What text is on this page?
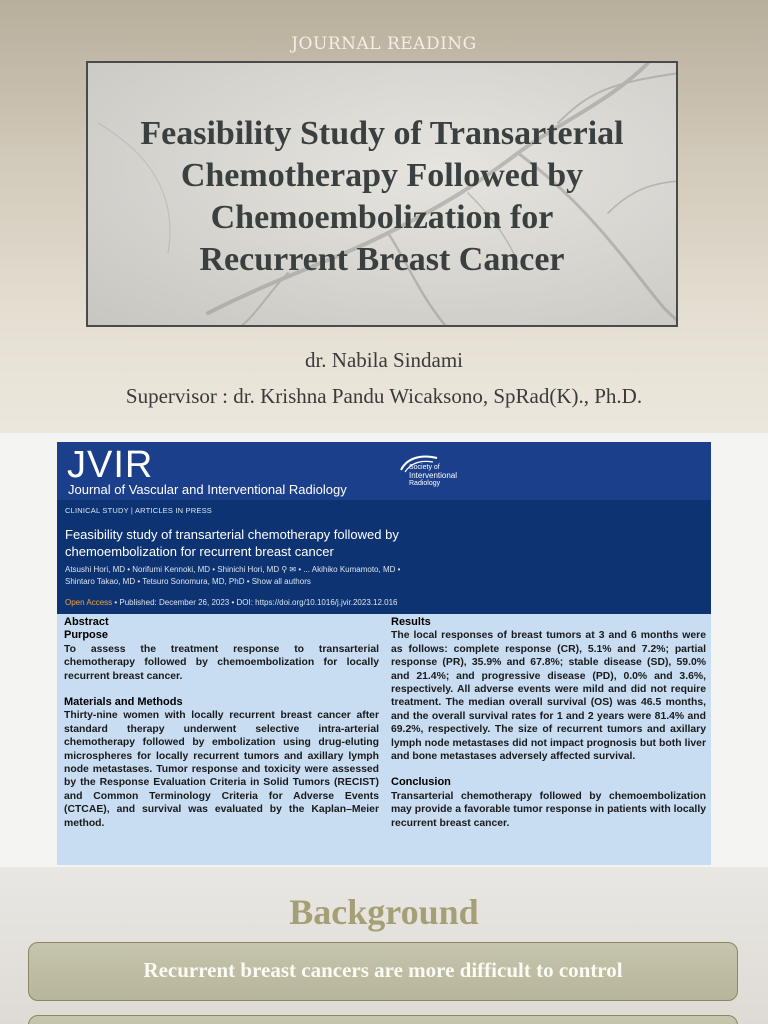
JOURNAL READING
Feasibility Study of Transarterial
Chemotherapy Followed by
Chemoembolization for
Recurrent Breast Cancer
dr. Nabila Sindami
Supervisor : dr. Krishna Pandu Wicaksono, SpRad(K)., Ph.D.
JVIR
Journal of Vascular and Interventional Radiology
Society of
Interventional
Radiology
CLINICAL STUDY | ARTICLES IN PRESS
Feasibility study of transarterial chemotherapy followed by
chemoembolization for recurrent breast cancer
Atsushi Hori, MD • Norifumi Kennoki, MD • Shinichi Hori, MD ⚲ ✉ • ... Akihiko Kumamoto, MD •
Shintaro Takao, MD • Tetsuro Sonomura, MD, PhD • Show all authors
Open Access • Published: December 26, 2023 • DOI: https://doi.org/10.1016/j.jvir.2023.12.016
Abstract
Purpose

To assess the treatment response to transarterial chemotherapy followed by chemoembolization for locally recurrent breast cancer.

Materials and Methods

Thirty-nine women with locally recurrent breast cancer after standard therapy underwent selective intra-arterial chemotherapy followed by embolization using drug-eluting microspheres for locally recurrent tumors and axillary lymph node metastases. Tumor response and toxicity were assessed by the Response Evaluation Criteria in Solid Tumors (RECIST) and Common Terminology Criteria for Adverse Events (CTCAE), and survival was evaluated by the Kaplan–Meier method.

Results

The local responses of breast tumors at 3 and 6 months were as follows: complete response (CR), 5.1% and 7.2%; partial response (PR), 35.9% and 67.8%; stable disease (SD), 59.0% and 21.4%; and progressive disease (PD), 0.0% and 3.6%, respectively. All adverse events were mild and did not require treatment. The median overall survival (OS) was 46.5 months, and the overall survival rates for 1 and 2 years were 81.4% and 69.2%, respectively. The size of recurrent tumors and axillary lymph node metastases did not impact prognosis but both liver and bone metastases adversely affected survival.

Conclusion

Transarterial chemotherapy followed by chemoembolization may provide a favorable tumor response in patients with locally recurrent breast cancer.

Background
Recurrent breast cancers are more difficult to control
